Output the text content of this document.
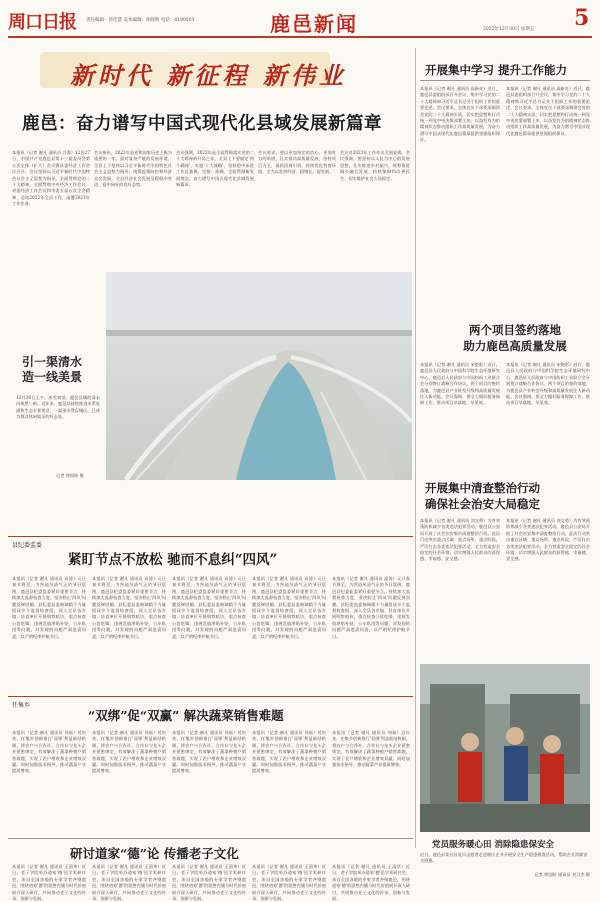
周口日报 责任编辑：郭佳慧 美术编辑：孙晓秋 电话：6199503	鹿邑新闻	2022年12月30日 星期五 5
新时代 新征程 新伟业
鹿邑：奋力谱写中国式现代化县域发展新篇章
本报讯（记者 谢凡 通讯员 吕海）12月27日，中国共产党鹿邑县第十三届委员会第五次全体（扩大）会议暨县委经济工作会议召开。会议坚持以习近平新时代中国特色社会主义思想为指导，全面贯彻党的二十大精神，全面贯彻中央经济工作会议、省委经济工作会议和市委五届五次全会精神，总结2022年全县工作，部署2023年工作任务。
会议指出，2022年是党和国家历史上极为重要的一年，面对复杂严峻的发展环境，全县上下坚持以习近平新时代中国特色社会主义思想为指导，统筹疫情防控和经济社会发展，全县经济社会发展呈现稳中有进、稳中向好的良好态势。
会议强调，2023年是全面贯彻落实党的二十大精神的开局之年，全县上下要锚定'两个确保'，实施'十大战略'，坚持稳中求进工作总基调，完整、准确、全面贯彻新发展理念，奋力谱写中国式现代化县域发展新篇章。
会议要求，要以更加坚定的信心、更加有力的举措，扎实推动高质量发展，坚持项目为王，狠抓招商引资，持续优化营商环境，全力以赴拼经济、稳增长、促发展。
会议对2023年工作作出全面安排。会议强调，要坚持以人民为中心的发展思想，扎实推进乡村振兴，统筹推进城乡融合发展，持续保障和改善民生，切实维护社会大局稳定。
引一渠清水
造一线美景
12月26日上午，冰雪初消，鹿邑县城的清水河焕然一新。近年来，鹿邑县持续推进水系连通和生态水景建设，一渠清水贯穿城区，已成为群众休闲娱乐的好去处。
记者 徐国防 摄
开展集中学习 提升工作能力
本报讯（记者 谢凡 通讯员 高新亮）近日，鹿邑县委组织部召开会议，集中学习党的二十大精神和习近平总书记关于组织工作的重要论述。会议要求，全体党员干部要深刻领会党的二十大精神实质，切实把思想和行动统一到党中央决策部署上来，以奋发有为的精神状态推动组织工作高质量发展，为奋力谱写中国式现代化鹿邑篇章提供坚强组织保证。
本报讯（记者 谢凡 通讯员 高新亮）近日，鹿邑县委组织部召开会议，集中学习党的二十大精神和习近平总书记关于组织工作的重要论述。会议要求，全体党员干部要深刻领会党的二十大精神实质，切实把思想和行动统一到党中央决策部署上来，以奋发有为的精神状态推动组织工作高质量发展，为奋力谱写中国式现代化鹿邑篇章提供坚强组织保证。
两个项目签约落地
助力鹿邑高质量发展
本报讯（记者 谢凡 通讯员 宋艳彩）近日，鹿邑县人民政府与中国科学院生态环境研究中心、鹿邑县人民政府与中国纺织工业联合会分别签订战略合作协议。两个项目的签约落地，为鹿邑县产业转型升级和高质量发展注入新动能。会议强调，要全力做好服务保障工作，推动项目早落地、早见效。
本报讯（记者 谢凡 通讯员 宋艳彩）近日，鹿邑县人民政府与中国科学院生态环境研究中心、鹿邑县人民政府与中国纺织工业联合会分别签订战略合作协议。两个项目的签约落地，为鹿邑县产业转型升级和高质量发展注入新动能。会议强调，要全力做好服务保障工作，推动项目早落地、早见效。
开展集中清查整治行动
确保社会治安大局稳定
本报讯（记者 谢凡 通讯员 刘文勇）为有效预防和减少各类违法犯罪活动，鹿邑县公安局开展了社会治安集中清查整治行动。此次行动突出重点区域、重点场所、重点时段，严厉打击各类违法犯罪活动，全力营造安全稳定的社会环境，切实增强人民群众的获得感、幸福感、安全感。
本报讯（记者 谢凡 通讯员 刘文勇）为有效预防和减少各类违法犯罪活动，鹿邑县公安局开展了社会治安集中清查整治行动。此次行动突出重点区域、重点场所、重点时段，严厉打击各类违法犯罪活动，全力营造安全稳定的社会环境，切实增强人民群众的获得感、幸福感、安全感。
党员服务暖心田 消除隐患保安全
近日，鹿邑县某社区党员志愿者走进辖区企业开展安全生产隐患排查活动，帮助企业消除安全隐患。
记者 徐国防 通讯员 刘卫杰 摄
县纪委监委
紧盯节点不放松 驰而不息纠“四风”
本报讯（记者 谢凡 通讯员 高涛）元旦春节将至，为营造风清气正的节日氛围，鹿邑县纪委监委紧盯重要节点，持续加大监督检查力度，坚决防止'四风'问题反弹回潮。县纪委监委抽调精干力量组成多个监督检查组，深入全县各乡镇、县直单位开展明察暗访，重点检查公款吃喝、违规发放津贴补贴、公车私用等问题，对发现的问题严肃追责问责，以严明纪律护航节日。
本报讯（记者 谢凡 通讯员 高涛）元旦春节将至，为营造风清气正的节日氛围，鹿邑县纪委监委紧盯重要节点，持续加大监督检查力度，坚决防止'四风'问题反弹回潮。县纪委监委抽调精干力量组成多个监督检查组，深入全县各乡镇、县直单位开展明察暗访，重点检查公款吃喝、违规发放津贴补贴、公车私用等问题，对发现的问题严肃追责问责，以严明纪律护航节日。
本报讯（记者 谢凡 通讯员 高涛）元旦春节将至，为营造风清气正的节日氛围，鹿邑县纪委监委紧盯重要节点，持续加大监督检查力度，坚决防止'四风'问题反弹回潮。县纪委监委抽调精干力量组成多个监督检查组，深入全县各乡镇、县直单位开展明察暗访，重点检查公款吃喝、违规发放津贴补贴、公车私用等问题，对发现的问题严肃追责问责，以严明纪律护航节日。
本报讯（记者 谢凡 通讯员 高涛）元旦春节将至，为营造风清气正的节日氛围，鹿邑县纪委监委紧盯重要节点，持续加大监督检查力度，坚决防止'四风'问题反弹回潮。县纪委监委抽调精干力量组成多个监督检查组，深入全县各乡镇、县直单位开展明察暗访，重点检查公款吃喝、违规发放津贴补贴、公车私用等问题，对发现的问题严肃追责问责，以严明纪律护航节日。
本报讯（记者 谢凡 通讯员 高涛）元旦春节将至，为营造风清气正的节日氛围，鹿邑县纪委监委紧盯重要节点，持续加大监督检查力度，坚决防止'四风'问题反弹回潮。县纪委监委抽调精干力量组成多个监督检查组，深入全县各乡镇、县直单位开展明察暗访，重点检查公款吃喝、违规发放津贴补贴、公车私用等问题，对发现的问题严肃追责问责，以严明纪律护航节日。
任集乡
“双绑”促“双赢” 解决蔬菜销售难题
本报讯（记者 谢凡 通讯员 刘茹）近年来，任集乡创新推行'双绑'利益联结机制，将农户与合作社、合作社与龙头企业紧密绑定，有效解决了蔬菜种植户销售难题，实现了农户增收和企业增效双赢。同时加强技术指导，推动蔬菜产业提质增效。
本报讯（记者 谢凡 通讯员 刘茹）近年来，任集乡创新推行'双绑'利益联结机制，将农户与合作社、合作社与龙头企业紧密绑定，有效解决了蔬菜种植户销售难题，实现了农户增收和企业增效双赢。同时加强技术指导，推动蔬菜产业提质增效。
本报讯（记者 谢凡 通讯员 刘茹）近年来，任集乡创新推行'双绑'利益联结机制，将农户与合作社、合作社与龙头企业紧密绑定，有效解决了蔬菜种植户销售难题，实现了农户增收和企业增效双赢。同时加强技术指导，推动蔬菜产业提质增效。
本报讯（记者 谢凡 通讯员 刘茹）近年来，任集乡创新推行'双绑'利益联结机制，将农户与合作社、合作社与龙头企业紧密绑定，有效解决了蔬菜种植户销售难题，实现了农户增收和企业增效双赢。同时加强技术指导，推动蔬菜产业提质增效。
本报讯（记者 谢凡 通讯员 刘茹）近年来，任集乡创新推行'双绑'利益联结机制，将农户与合作社、合作社与龙头企业紧密绑定，有效解决了蔬菜种植户销售难题，实现了农户增收和企业增效双赢。同时加强技术指导，推动蔬菜产业提质增效。
研讨道家“德”论 传播老子文化
本报讯（记者 谢凡 通讯员 王清华）近日，老子学院举办道家'德'论学术研讨会，来自全国各地的专家学者齐聚鹿邑，围绕道家'德'的思想内涵与时代价值展开深入研讨，共同推动老子文化的传承、创新与发展。
本报讯（记者 谢凡 通讯员 王清华）近日，老子学院举办道家'德'论学术研讨会，来自全国各地的专家学者齐聚鹿邑，围绕道家'德'的思想内涵与时代价值展开深入研讨，共同推动老子文化的传承、创新与发展。
本报讯（记者 谢凡 通讯员 王清华）近日，老子学院举办道家'德'论学术研讨会，来自全国各地的专家学者齐聚鹿邑，围绕道家'德'的思想内涵与时代价值展开深入研讨，共同推动老子文化的传承、创新与发展。
本报讯（记者 谢凡 通讯员 王清华）近日，老子学院举办道家'德'论学术研讨会，来自全国各地的专家学者齐聚鹿邑，围绕道家'德'的思想内涵与时代价值展开深入研讨，共同推动老子文化的传承、创新与发展。
本报讯（记者 谢凡 通讯员 王清华）近日，老子学院举办道家'德'论学术研讨会，来自全国各地的专家学者齐聚鹿邑，围绕道家'德'的思想内涵与时代价值展开深入研讨，共同推动老子文化的传承、创新与发展。
